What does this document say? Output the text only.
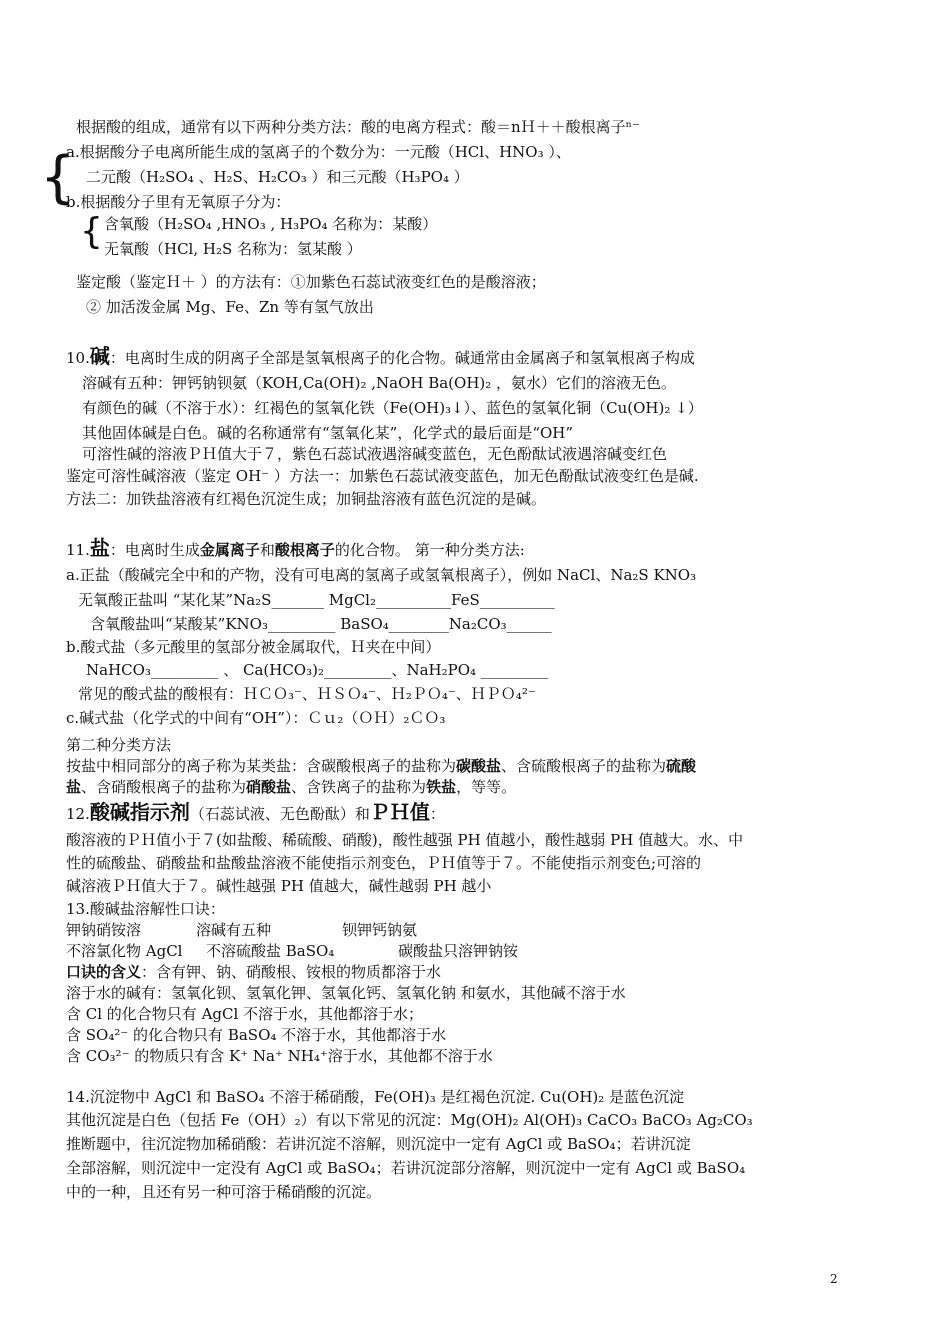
根据酸的组成，通常有以下两种分类方法：酸的电离方程式：酸＝nＨ＋＋酸根离子ⁿ⁻
{
a.根据酸分子电离所能生成的氢离子的个数分为：一元酸（HCl、HNO₃ ）、
二元酸（H₂SO₄ 、H₂S、H₂CO₃ ）和三元酸（H₃PO₄ ）
b.根据酸分子里有无氧原子分为：
{ 含氧酸（H₂SO₄ ,HNO₃ , H₃PO₄ 名称为：某酸）
无氧酸（HCl, H₂S 名称为：氢某酸 ）
鉴定酸（鉴定Ｈ＋ ）的方法有：①加紫色石蕊试液变红色的是酸溶液；
② 加活泼金属 Mg、Fe、Zn 等有氢气放出
10.碱：电离时生成的阴离子全部是氢氧根离子的化合物。碱通常由金属离子和氢氧根离子构成
溶碱有五种：钾钙钠钡氨（KOH,Ca(OH)₂ ,NaOH Ba(OH)₂ ，氨水）它们的溶液无色。
有颜色的碱（不溶于水）：红褐色的氢氧化铁（Fe(OH)₃↓）、蓝色的氢氧化铜（Cu(OH)₂ ↓）
其他固体碱是白色。碱的名称通常有“氢氧化某”，化学式的最后面是“OH”
可溶性碱的溶液ＰＨ值大于７，紫色石蕊试液遇溶碱变蓝色，无色酚酞试液遇溶碱变红色
鉴定可溶性碱溶液（鉴定 OH⁻ ）方法一：加紫色石蕊试液变蓝色，加无色酚酞试液变红色是碱.
方法二：加铁盐溶液有红褐色沉淀生成；加铜盐溶液有蓝色沉淀的是碱。
11.盐：电离时生成金属离子和酸根离子的化合物。 第一种分类方法:
a.正盐（酸碱完全中和的产物，没有可电离的氢离子或氢氧根离子），例如 NaCl、Na₂S KNO₃
无氧酸正盐叫 “某化某”Na₂S_______ MgCl₂__________FeS__________
含氧酸盐叫“某酸某”KNO₃_________ BaSO₄________Na₂CO₃______
b.酸式盐（多元酸里的氢部分被金属取代，Ｈ夹在中间）
NaHCO₃_________ 、 Ca(HCO₃)₂_________、NaH₂PO₄ _________
常见的酸式盐的酸根有：ＨＣＯ₃⁻、ＨＳＯ₄⁻、Ｈ₂ＰＯ₄⁻、ＨＰＯ₄²⁻
c.碱式盐（化学式的中间有“OH”）：Ｃｕ₂（ＯＨ）₂ＣＯ₃
第二种分类方法
按盐中相同部分的离子称为某类盐：含碳酸根离子的盐称为碳酸盐、含硫酸根离子的盐称为硫酸
盐、含硝酸根离子的盐称为硝酸盐、含铁离子的盐称为铁盐，等等。
12.酸碱指示剂（石蕊试液、无色酚酞）和ＰＨ值：
酸溶液的ＰＨ值小于７(如盐酸、稀硫酸、硝酸)，酸性越强 PH 值越小，酸性越弱 PH 值越大。水、中
性的硫酸盐、硝酸盐和盐酸盐溶液不能使指示剂变色，ＰＨ值等于７。不能使指示剂变色;可溶的
碱溶液ＰＨ值大于７。碱性越强 PH 值越大，碱性越弱 PH 越小
13.酸碱盐溶解性口诀：
钾钠硝铵溶	溶碱有五种	钡钾钙钠氨
不溶氯化物 AgCl 不溶硫酸盐 BaSO₄	碳酸盐只溶钾钠铵
口诀的含义：含有钾、钠、硝酸根、铵根的物质都溶于水
溶于水的碱有：氢氧化钡、氢氧化钾、氢氧化钙、氢氧化钠 和氨水，其他碱不溶于水
含 Cl 的化合物只有 AgCl 不溶于水，其他都溶于水；
含 SO₄²⁻ 的化合物只有 BaSO₄ 不溶于水，其他都溶于水
含 CO₃²⁻ 的物质只有含 K⁺ Na⁺ NH₄⁺溶于水，其他都不溶于水
14.沉淀物中 AgCl 和 BaSO₄ 不溶于稀硝酸，Fe(OH)₃ 是红褐色沉淀. Cu(OH)₂ 是蓝色沉淀
其他沉淀是白色（包括 Fe（OH）₂）有以下常见的沉淀：Mg(OH)₂ Al(OH)₃ CaCO₃ BaCO₃ Ag₂CO₃
推断题中，往沉淀物加稀硝酸：若讲沉淀不溶解，则沉淀中一定有 AgCl 或 BaSO₄；若讲沉淀
全部溶解，则沉淀中一定没有 AgCl 或 BaSO₄；若讲沉淀部分溶解，则沉淀中一定有 AgCl 或 BaSO₄
中的一种，且还有另一种可溶于稀硝酸的沉淀。
2
